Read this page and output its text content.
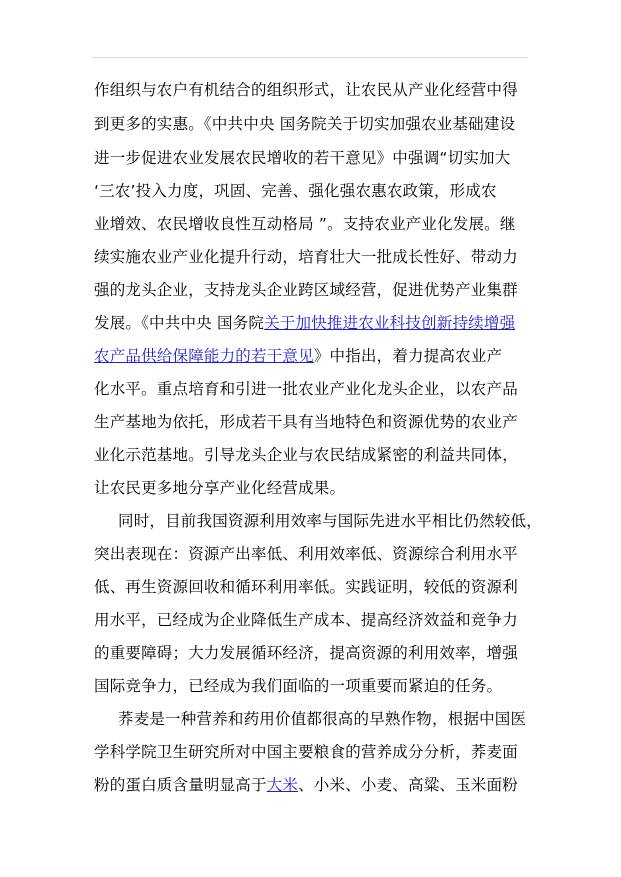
作组织与农户有机结合的组织形式，让农民从产业化经营中得
到更多的实惠。《中共中央 国务院关于切实加强农业基础建设
进一步促进农业发展农民增收的若干意见》中强调“切实加大
‘三农’投入力度，巩固、完善、强化强农惠农政策，形成农
业增效、农民增收良性互动格局 ”。支持农业产业化发展。继
续实施农业产业化提升行动，培育壮大一批成长性好、带动力
强的龙头企业，支持龙头企业跨区域经营，促进优势产业集群
发展。《中共中央 国务院关于加快推进农业科技创新持续增强
农产品供给保障能力的若干意见》中指出，着力提高农业产
化水平。重点培育和引进一批农业产业化龙头企业，以农产品
生产基地为依托，形成若干具有当地特色和资源优势的农业产
业化示范基地。引导龙头企业与农民结成紧密的利益共同体，
让农民更多地分享产业化经营成果。
同时，目前我国资源利用效率与国际先进水平相比仍然较低，
突出表现在：资源产出率低、利用效率低、资源综合利用水平
低、再生资源回收和循环利用率低。实践证明，较低的资源利
用水平，已经成为企业降低生产成本、提高经济效益和竞争力
的重要障碍；大力发展循环经济，提高资源的利用效率，增强
国际竞争力，已经成为我们面临的一项重要而紧迫的任务。
荞麦是一种营养和药用价值都很高的早熟作物，根据中国医
学科学院卫生研究所对中国主要粮食的营养成分分析，荞麦面
粉的蛋白质含量明显高于大米、小米、小麦、高粱、玉米面粉
